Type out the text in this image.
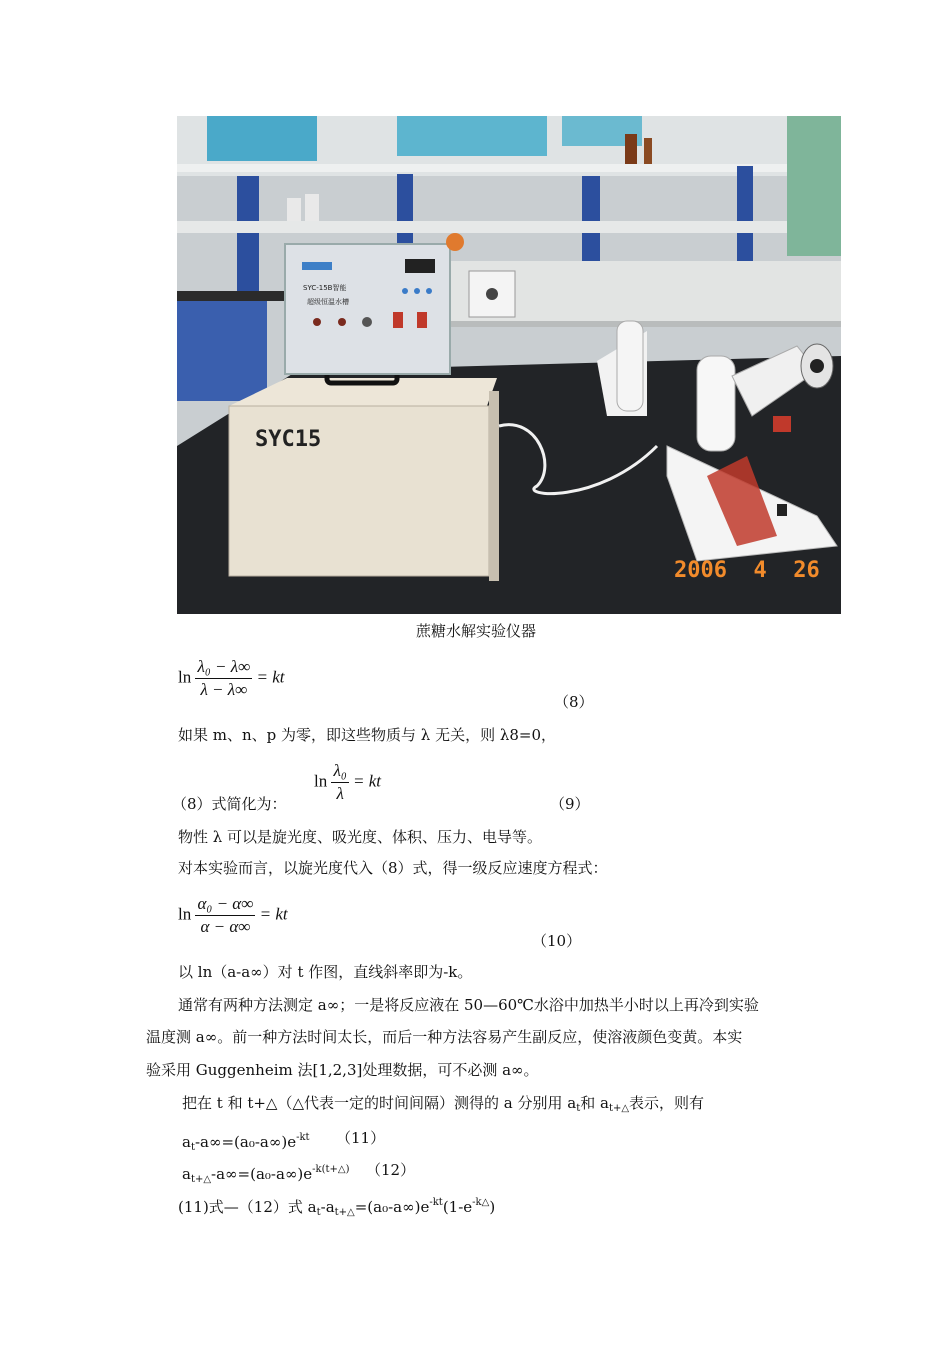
SYC15
SYC-15B智能
超级恒温水槽
2006  4  26
蔗糖水解实验仪器
$\ln \frac{\text{λ₀ − λ∞}}{\lambda - \lambda\infty}$ = kt
（8）
如果 m、n、p 为零，即这些物质与 λ 无关，则 λ8=0，
（8）式简化为：
$\ln \frac{\text{λ₀}}{\lambda}$ = kt
（9）
物性 λ 可以是旋光度、吸光度、体积、压力、电导等。
对本实验而言，以旋光度代入（8）式，得一级反应速度方程式：
$\ln \frac{\text{α₀ − α∞}}{\alpha - \alpha\infty}$ = kt
（10）
以 ln（a-a∞）对 t 作图，直线斜率即为-k。
通常有两种方法测定 a∞；一是将反应液在 50—60℃水浴中加热半小时以上再冷到实验
温度测 a∞。前一种方法时间太长，而后一种方法容易产生副反应，使溶液颜色变黄。本实
验采用 Guggenheim 法[1,2,3]处理数据，可不必测 a∞。
把在 t 和 t+△（△代表一定的时间间隔）测得的 a 分别用 $a_t$和 $a_{t+\triangle}$表示，则有
$a_t-a\infty=(a_0-a\infty)e^{-kt}$ （11）
$a_{t+\triangle}-a\infty=(a_0-a\infty)e^{-k(t+\triangle)}$ （12）
(11)式—（12）式 $a_t-a_{t+\triangle}=(a_0-a\infty)e^{-kt}(1-e^{-k\triangle})$
